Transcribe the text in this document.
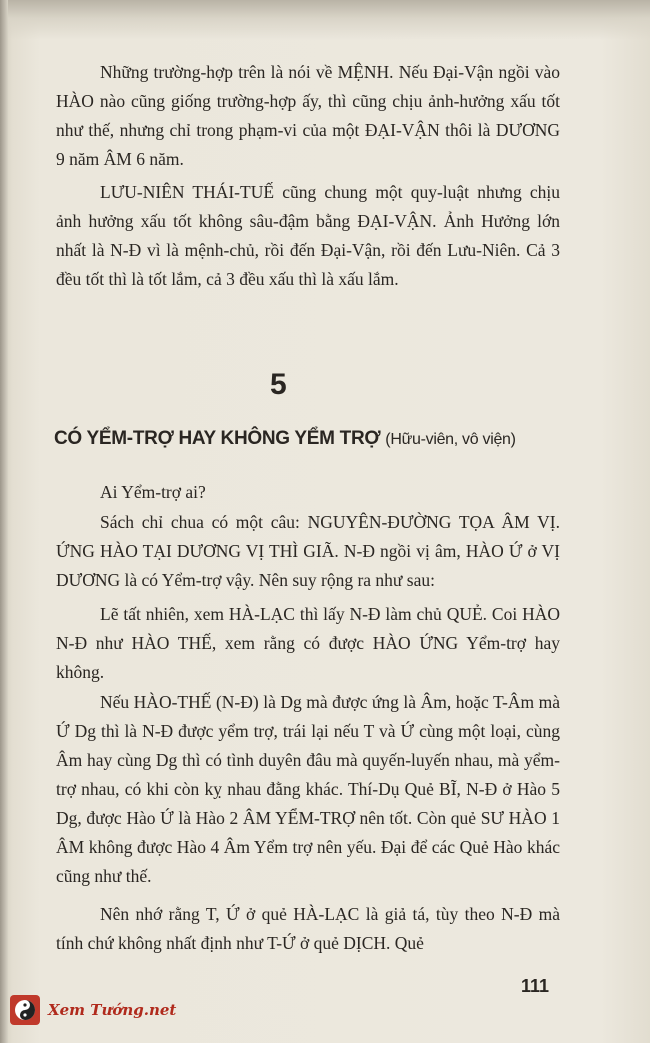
Những trường-hợp trên là nói về MỆNH. Nếu Đại-Vận ngồi vào HÀO nào cũng giống trường-hợp ấy, thì cũng chịu ảnh-hưởng xấu tốt như thế, nhưng chỉ trong phạm-vi của một ĐẠI-VẬN thôi là DƯƠNG 9 năm ÂM 6 năm.

LƯU-NIÊN THÁI-TUẾ cũng chung một quy-luật nhưng chịu ảnh hưởng xấu tốt không sâu-đậm bằng ĐẠI-VẬN. Ảnh Hưởng lớn nhất là N-Đ vì là mệnh-chủ, rồi đến Đại-Vận, rồi đến Lưu-Niên. Cả 3 đều tốt thì là tốt lắm, cả 3 đều xấu thì là xấu lắm.

5

CÓ YỂM-TRỢ HAY KHÔNG YỂM TRỢ (Hữu-viên, vô viện)

Ai Yểm-trợ ai?

Sách chỉ chua có một câu: NGUYÊN-ĐƯỜNG TỌA ÂM VỊ. ỨNG HÀO TẠI DƯƠNG VỊ THÌ GIÃ. N-Đ ngồi vị âm, HÀO Ứ ở VỊ DƯƠNG là có Yểm-trợ vậy. Nên suy rộng ra như sau:

Lẽ tất nhiên, xem HÀ-LẠC thì lấy N-Đ làm chủ QUẺ. Coi HÀO N-Đ như HÀO THẾ, xem rằng có được HÀO ỨNG Yểm-trợ hay không.

Nếu HÀO-THẾ (N-Đ) là Dg mà được ứng là Âm, hoặc T-Âm mà Ứ Dg thì là N-Đ được yểm trợ, trái lại nếu T và Ứ cùng một loại, cùng Âm hay cùng Dg thì có tình duyên đâu mà quyến-luyến nhau, mà yểm-trợ nhau, có khi còn kỵ nhau đằng khác. Thí-Dụ Quẻ BĨ, N-Đ ở Hào 5 Dg, được Hào Ứ là Hào 2 ÂM YỂM-TRỢ nên tốt. Còn quẻ SƯ HÀO 1 ÂM không được Hào 4 Âm Yểm trợ nên yếu. Đại để các Quẻ Hào khác cũng như thế.

Nên nhớ rằng T, Ứ ở quẻ HÀ-LẠC là giả tá, tùy theo N-Đ mà tính chứ không nhất định như T-Ứ ở quẻ DỊCH. Quẻ

111

Xem Tướng.net
